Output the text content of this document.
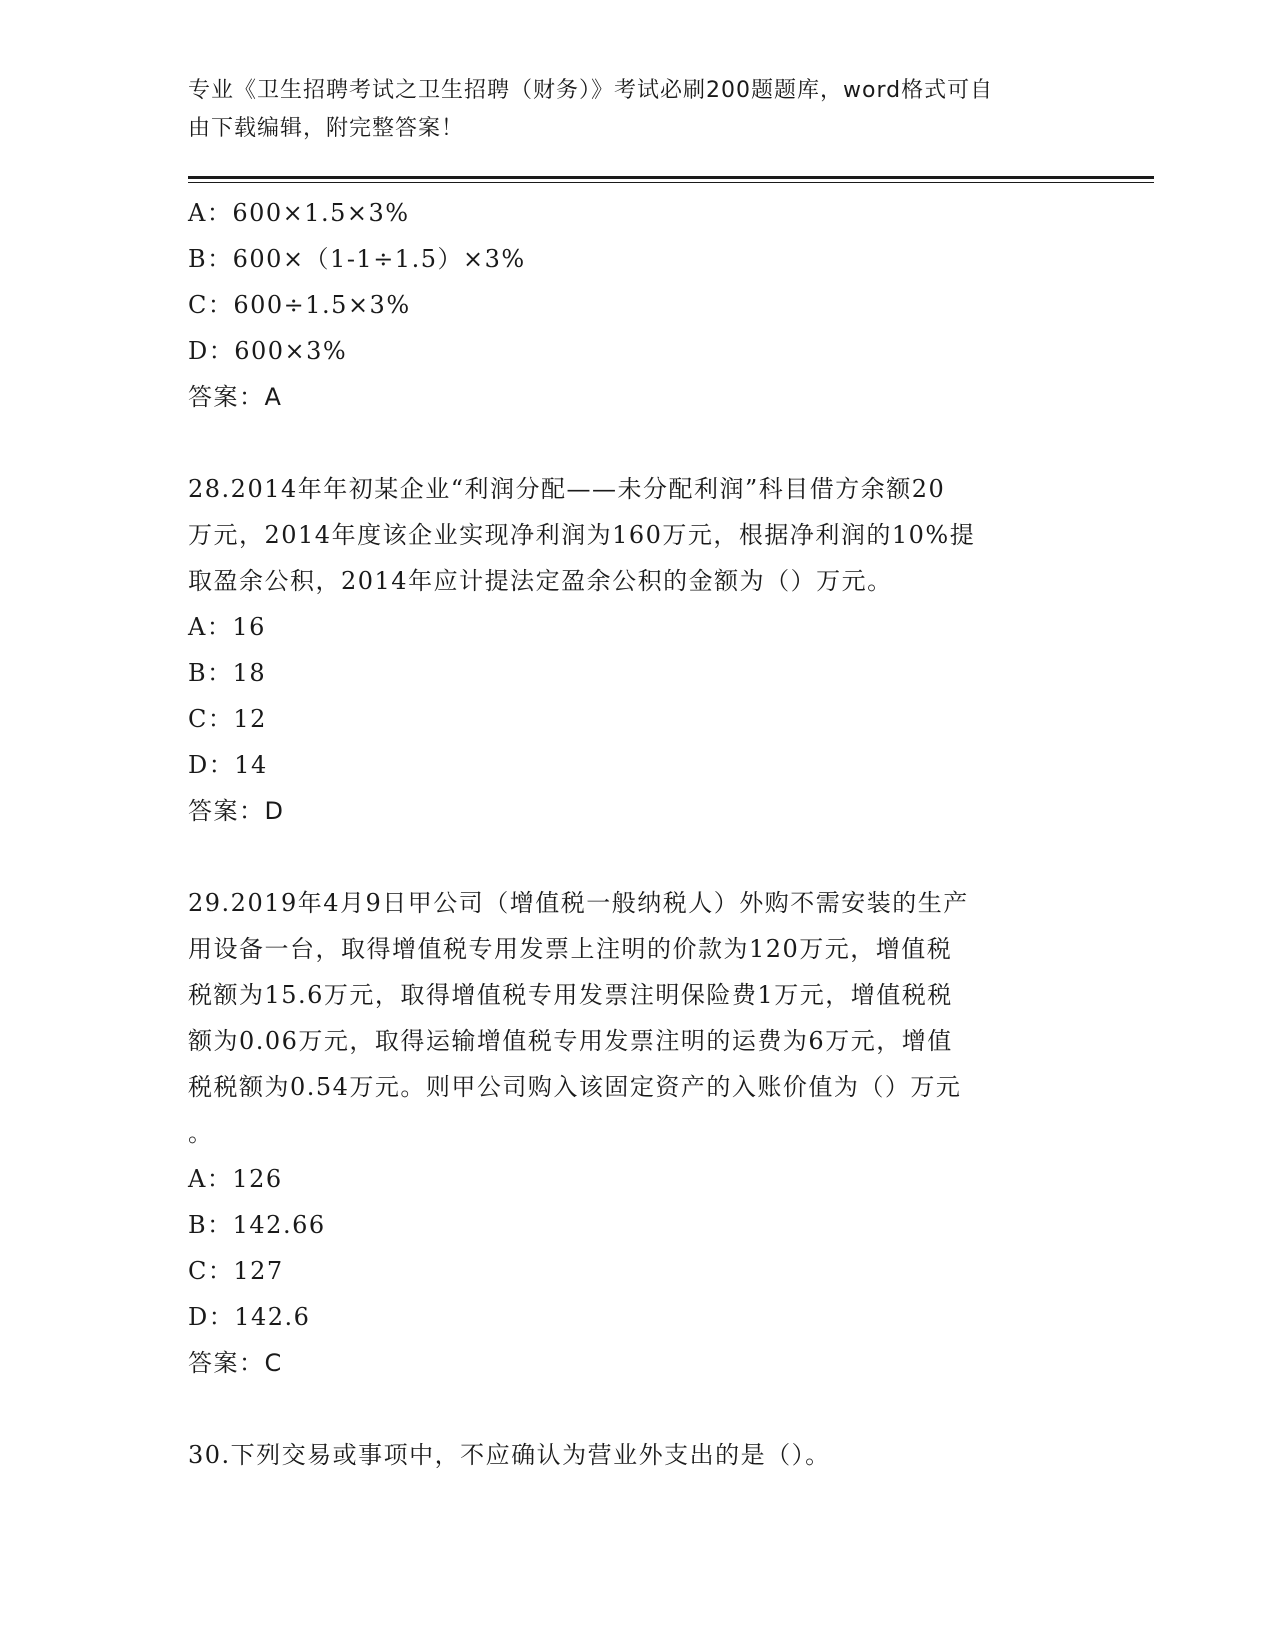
专业《卫生招聘考试之卫生招聘（财务）》考试必刷200题题库，word格式可自
由下载编辑，附完整答案！
A：600×1.5×3%
B：600×（1-1÷1.5）×3%
C：600÷1.5×3%
D：600×3%
答案：A
28.2014年年初某企业“利润分配——未分配利润”科目借方余额20
万元，2014年度该企业实现净利润为160万元，根据净利润的10%提
取盈余公积，2014年应计提法定盈余公积的金额为（）万元。
A：16
B：18
C：12
D：14
答案：D
29.2019年4月9日甲公司（增值税一般纳税人）外购不需安装的生产
用设备一台，取得增值税专用发票上注明的价款为120万元，增值税
税额为15.6万元，取得增值税专用发票注明保险费1万元，增值税税
额为0.06万元，取得运输增值税专用发票注明的运费为6万元，增值
税税额为0.54万元。则甲公司购入该固定资产的入账价值为（）万元
。
A：126
B：142.66
C：127
D：142.6
答案：C
30.下列交易或事项中，不应确认为营业外支出的是（）。
